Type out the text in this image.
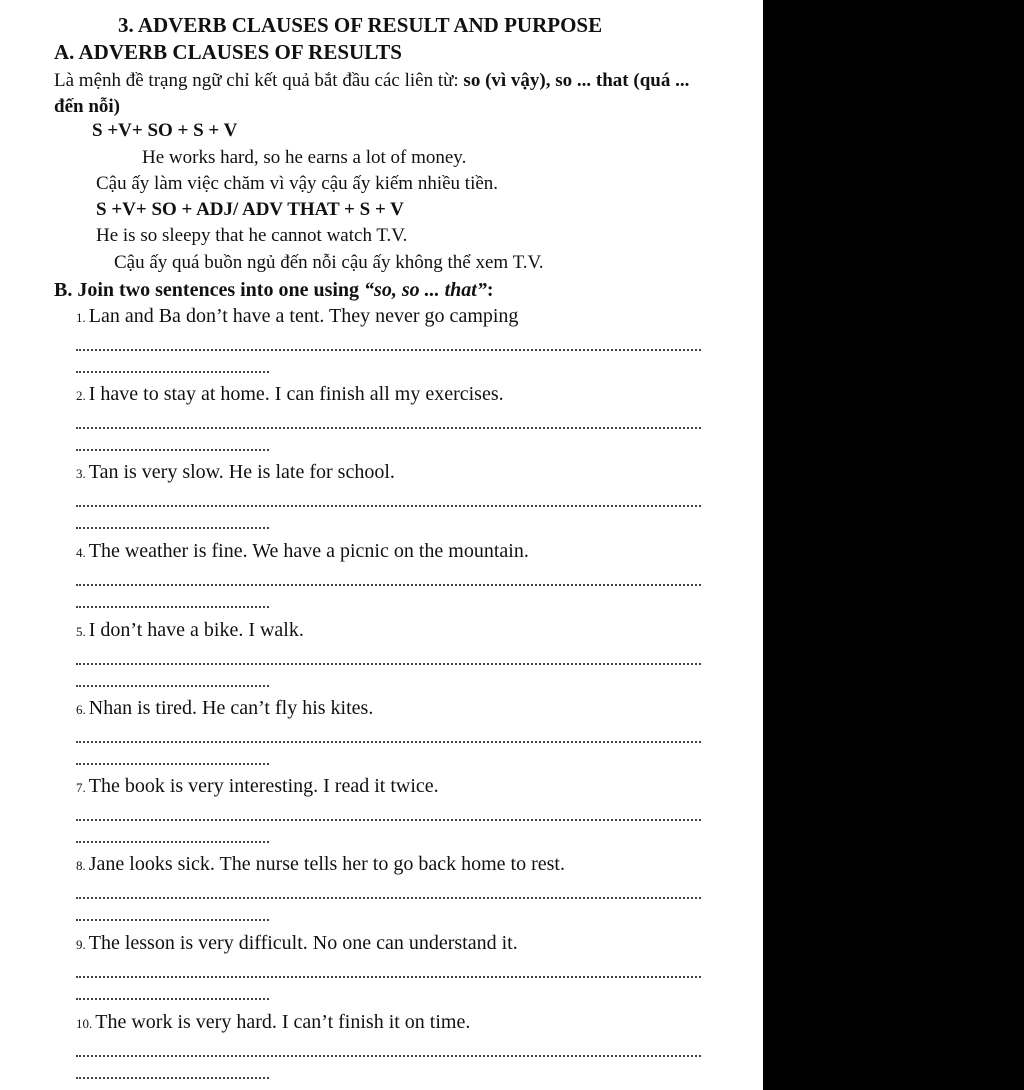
3. ADVERB CLAUSES OF RESULT AND PURPOSE
A. ADVERB CLAUSES OF RESULTS
Là mệnh đề trạng ngữ chỉ kết quả bắt đầu các liên từ: so (vì vậy), so ... that (quá ... đến nỗi)
S +V+ SO + S + V
He works hard, so he earns a lot of money.
Cậu ấy làm việc chăm vì vậy cậu ấy kiếm nhiều tiền.
S +V+ SO + ADJ/ ADV THAT + S + V
He is so sleepy that he cannot watch T.V.
Cậu ấy quá buồn ngủ đến nỗi cậu ấy không thể xem T.V.
B. Join two sentences into one using “so, so ... that”:
1. Lan and Ba don’t have a tent. They never go camping
2. I have to stay at home. I can finish all my exercises.
3. Tan is very slow. He is late for school.
4. The weather is fine. We have a picnic on the mountain.
5. I don’t have a bike. I walk.
6. Nhan is tired. He can’t fly his kites.
7. The book is very interesting. I read it twice.
8. Jane looks sick. The nurse tells her to go back home to rest.
9. The lesson is very difficult. No one can understand it.
10. The work is very hard. I can’t finish it on time.
